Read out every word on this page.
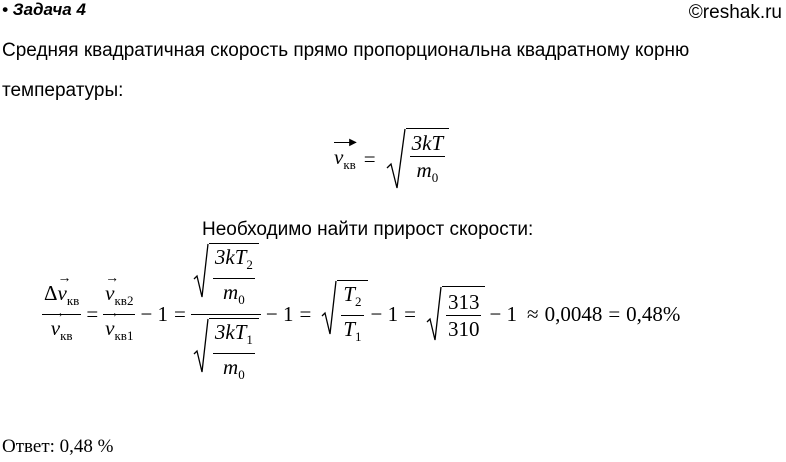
• Задача 4	©reshak.ru
Средняя квадратичная скорость прямо пропорциональна квадратному корню
температуры:
$v_{кв}$
▶
= $\frac{3kT}{m_0}$
Необходимо найти прирост скорости:
$\Delta\to v_{кв}$
→ $v_{кв}$ =
→ $v_{кв2}$
→ $v_{кв1} - 1 = \frac{\frac{3kT_2}{m_0}}{\frac{3kT_1}{m_0}} - 1 = \frac{T_2}{T_1} - 1 = \frac{313}{310} - 1 \approx 0,0048 = 0,48\%$
Ответ: 0,48 %
